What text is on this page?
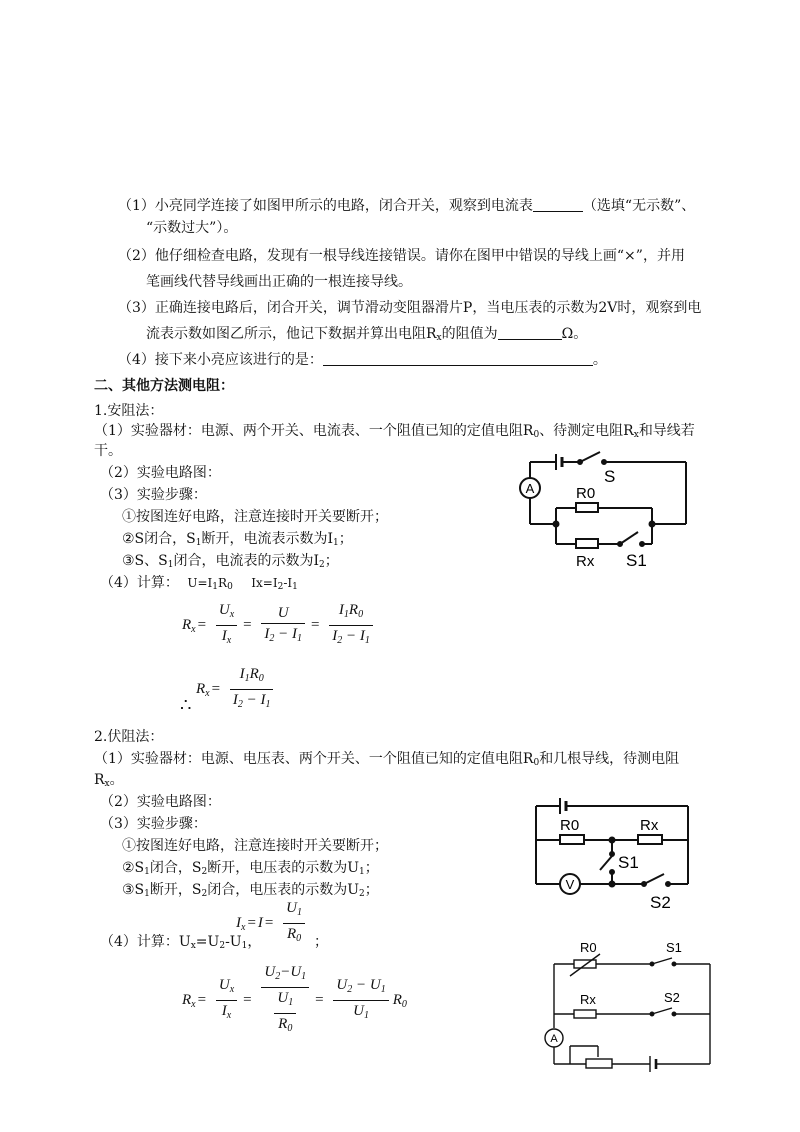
（1）小亮同学连接了如图甲所示的电路，闭合开关，观察到电流表	（选填“无示数”、
“示数过大”）。
（2）他仔细检查电路，发现有一根导线连接错误。请你在图甲中错误的导线上画“×”，并用
笔画线代替导线画出正确的一根连接导线。
（3）正确连接电路后，闭合开关，调节滑动变阻器滑片P，当电压表的示数为2V时，观察到电
流表示数如图乙所示，他记下数据并算出电阻$R_x$的阻值为	Ω。
（4）接下来小亮应该进行的是：	。
二、其他方法测电阻：
1.安阻法：
（1）实验器材：电源、两个开关、电流表、一个阻值已知的定值电阻$R_0$、待测定电阻$R_x$和导线若
干。
（2）实验电路图：
（3）实验步骤：
①按图连好电路，注意连接时开关要断开；
②S闭合，$S_1$断开，电流表示数为$I_1$；
③S、$S_1$闭合，电流表的示数为$I_2$；
（4）计算： $U=I_1R_0$ $Ix=I_2-I_1$
$R_x = \frac{U_x}{I_x} = \frac{U}{I_2 - I_1} = \frac{I_1R_0}{I_2 - I_1}$
$R_x = \frac{I_1R_0}{I_2 - I_1}$
∴
2.伏阻法：
（1）实验器材：电源、电压表、两个开关、一个阻值已知的定值电阻$R_0$和几根导线，待测电阻
$R_x$。
（2）实验电路图：
（3）实验步骤：
①按图连好电路，注意连接时开关要断开；
$②S_1$闭合，$S_2$断开，电压表的示数为$U_1$；
$③S_1$断开，$S_2$闭合，电压表的示数为$U_2$；
$I_x = I = \frac{U_1}{R_0}$
（4）计算：$U_x=U_2-U_1$，	；
$R_x = \frac{U_x}{I_x} = \frac{U_2-U_1}{\frac{U_1}{R_0}} = \frac{U_2 - U_1}{U_1} R_0$
A
S
R0
Rx S1
V
R0	Rx
S1
S2
A
R0
Rx
S1
S2
